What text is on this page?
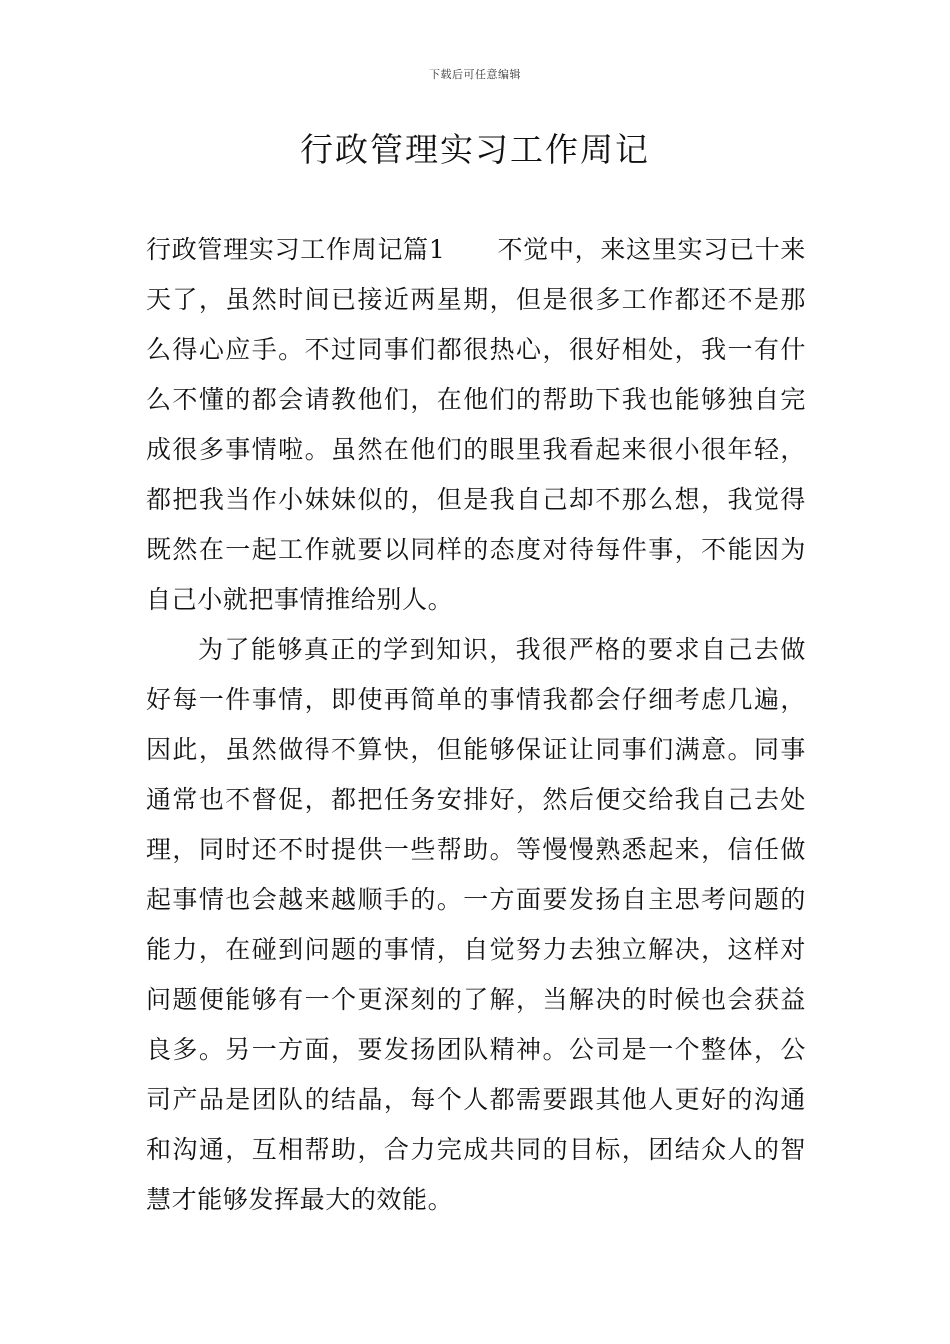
下载后可任意编辑
行政管理实习工作周记

行政管理实习工作周记篇1 不觉中，来这里实习已十来天了，虽然时间已接近两星期，但是很多工作都还不是那么得心应手。不过同事们都很热心，很好相处，我一有什么不懂的都会请教他们，在他们的帮助下我也能够独自完成很多事情啦。虽然在他们的眼里我看起来很小很年轻，都把我当作小妹妹似的，但是我自己却不那么想，我觉得既然在一起工作就要以同样的态度对待每件事，不能因为自己小就把事情推给别人。

为了能够真正的学到知识，我很严格的要求自己去做好每一件事情，即使再简单的事情我都会仔细考虑几遍，因此，虽然做得不算快，但能够保证让同事们满意。同事通常也不督促，都把任务安排好，然后便交给我自己去处理，同时还不时提供一些帮助。等慢慢熟悉起来，信任做起事情也会越来越顺手的。一方面要发扬自主思考问题的能力，在碰到问题的事情，自觉努力去独立解决，这样对问题便能够有一个更深刻的了解，当解决的时候也会获益良多。另一方面，要发扬团队精神。公司是一个整体，公司产品是团队的结晶，每个人都需要跟其他人更好的沟通和沟通，互相帮助，合力完成共同的目标，团结众人的智慧才能够发挥最大的效能。
